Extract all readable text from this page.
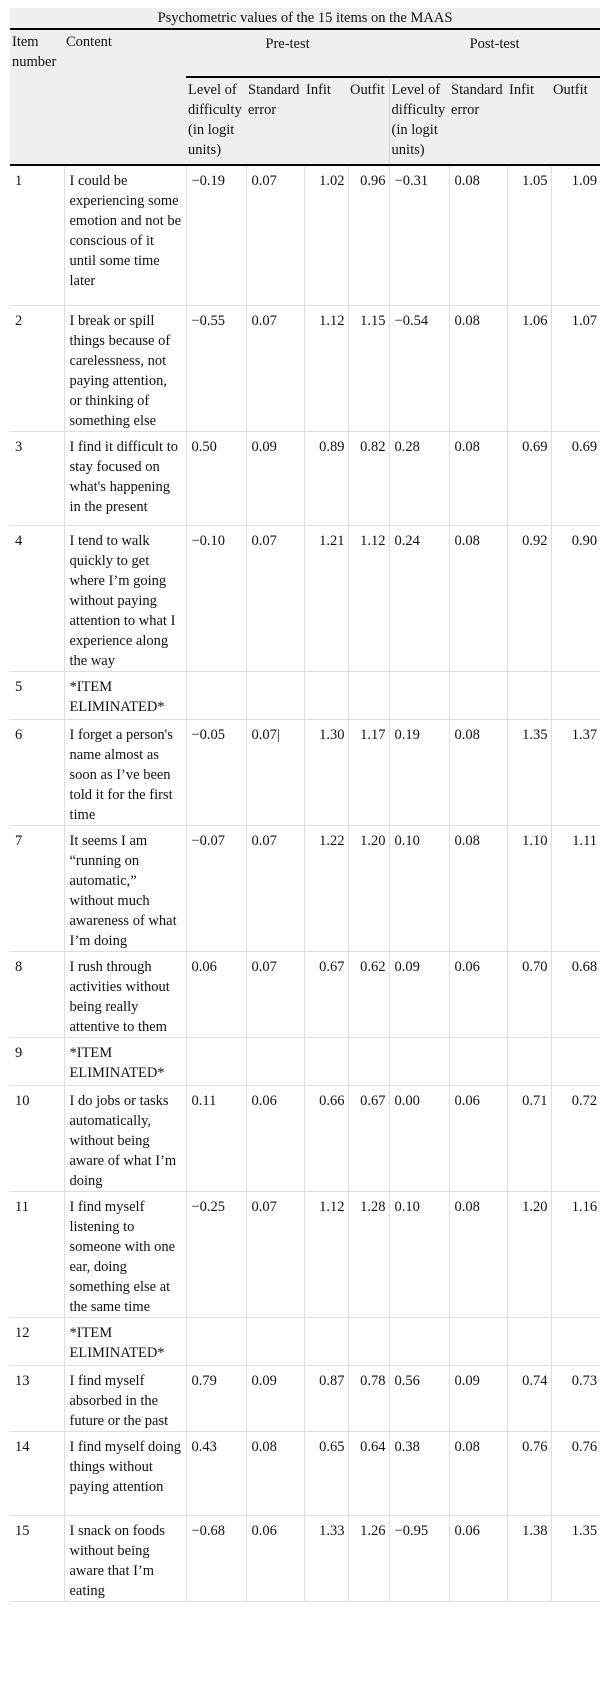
Psychometric values of the 15 items on the MAAS
Item number	Content	Pre-test				Post-test			
		Level of difficulty (in logit units)	Standard error	Infit	Outfit	Level of difficulty (in logit units)	Standard error	Infit	Outfit
1	I could be experiencing some emotion and not be conscious of it until some time later	−0.19	0.07	1.02	0.96	−0.31	0.08	1.05	1.09
2	I break or spill things because of carelessness, not paying attention, or thinking of something else	−0.55	0.07	1.12	1.15	−0.54	0.08	1.06	1.07
3	I find it difficult to stay focused on what's happening in the present	0.50	0.09	0.89	0.82	0.28	0.08	0.69	0.69
4	I tend to walk quickly to get where I’m going without paying attention to what I experience along the way	−0.10	0.07	1.21	1.12	0.24	0.08	0.92	0.90
5	*ITEM ELIMINATED*								
6	I forget a person's name almost as soon as I’ve been told it for the first time	−0.05	0.07|	1.30	1.17	0.19	0.08	1.35	1.37
7	It seems I am “running on automatic,” without much awareness of what I’m doing	−0.07	0.07	1.22	1.20	0.10	0.08	1.10	1.11
8	I rush through activities without being really attentive to them	0.06	0.07	0.67	0.62	0.09	0.06	0.70	0.68
9	*ITEM ELIMINATED*								
10	I do jobs or tasks automatically, without being aware of what I’m doing	0.11	0.06	0.66	0.67	0.00	0.06	0.71	0.72
11	I find myself listening to someone with one ear, doing something else at the same time	−0.25	0.07	1.12	1.28	0.10	0.08	1.20	1.16
12	*ITEM ELIMINATED*								
13	I find myself absorbed in the future or the past	0.79	0.09	0.87	0.78	0.56	0.09	0.74	0.73
14	I find myself doing things without paying attention	0.43	0.08	0.65	0.64	0.38	0.08	0.76	0.76
15	I snack on foods without being aware that I’m eating	−0.68	0.06	1.33	1.26	−0.95	0.06	1.38	1.35
